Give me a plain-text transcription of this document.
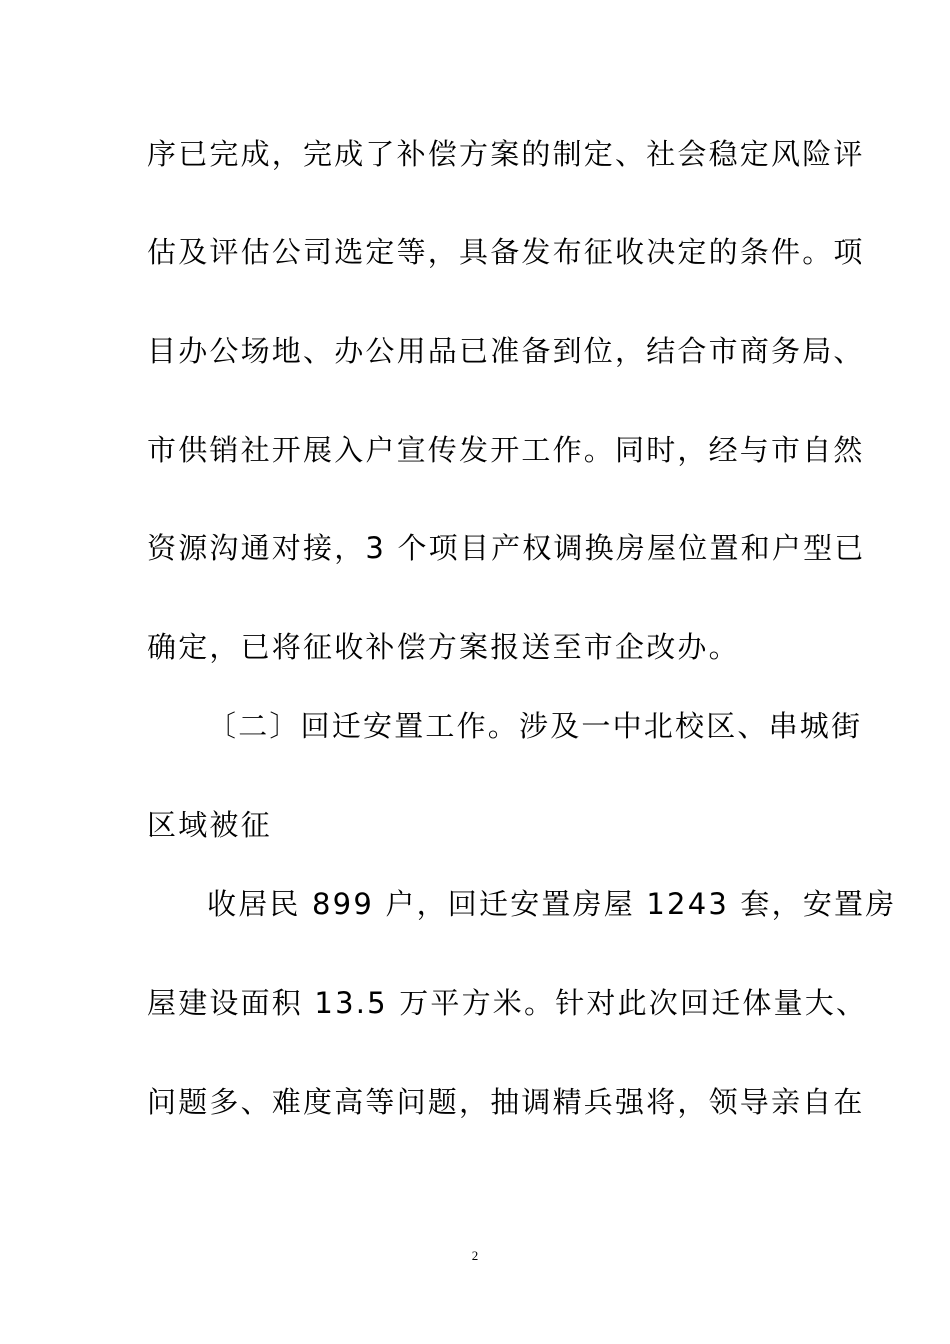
序已完成，完成了补偿方案的制定、社会稳定风险评
估及评估公司选定等，具备发布征收决定的条件。项
目办公场地、办公用品已准备到位，结合市商务局、
市供销社开展入户宣传发开工作。同时，经与市自然
资源沟通对接，3 个项目产权调换房屋位置和户型已
确定，已将征收补偿方案报送至市企改办。
〔二〕回迁安置工作。涉及一中北校区、串城街
区域被征
收居民 899 户，回迁安置房屋 1243 套，安置房
屋建设面积 13.5 万平方米。针对此次回迁体量大、
问题多、难度高等问题，抽调精兵强将，领导亲自在
2
